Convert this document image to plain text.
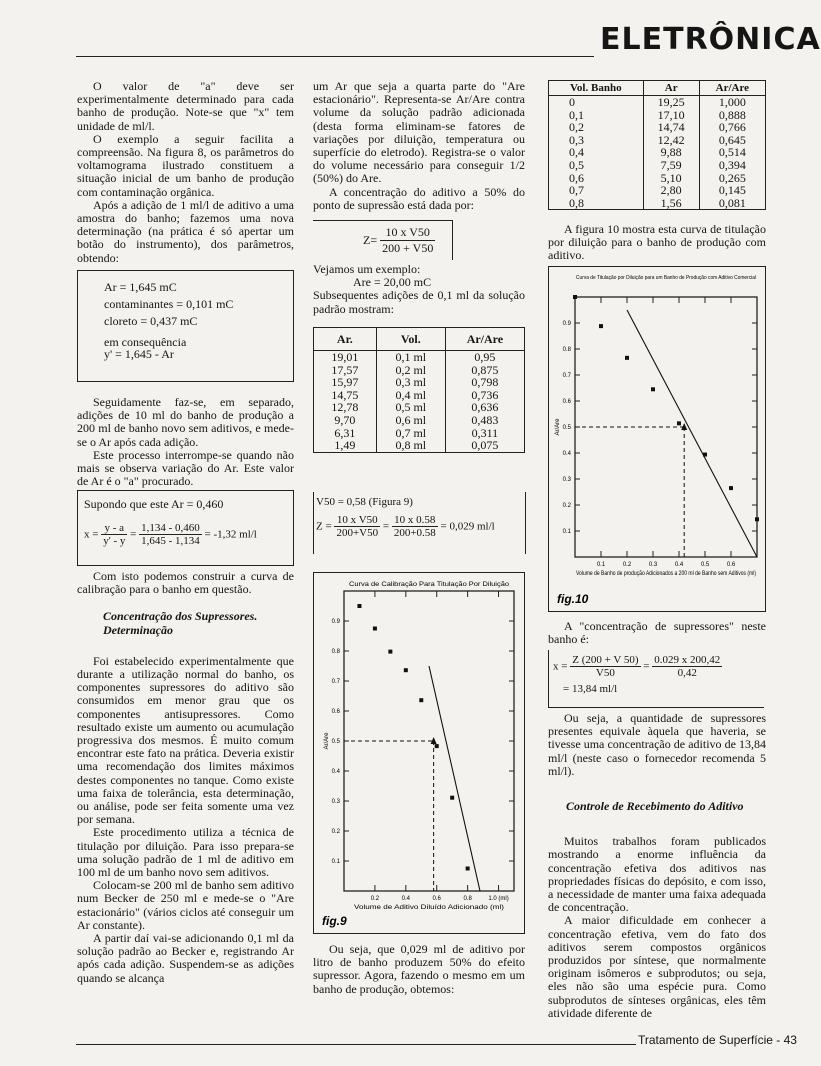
ELETRÔNICA

O valor de "a" deve ser experimentalmente determinado para cada banho de produção. Note-se que "x" tem unidade de ml/l.

O exemplo a seguir facilita a compreensão. Na figura 8, os parâmetros do voltamograma ilustrado constituem a situação inicial de um banho de produção com contaminação orgânica.

Após a adição de 1 ml/l de aditivo a uma amostra do banho; fazemos uma nova determinação (na prática é só apertar um botão do instrumento), dos parâmetros, obtendo:

Ar = 1,645 mC
contaminantes = 0,101 mC
cloreto = 0,437 mC
em consequência
y' = 1,645 - Ar

Seguidamente faz-se, em separado, adições de 10 ml do banho de produção a 200 ml de banho novo sem aditivos, e mede-se o Ar após cada adição.

Este processo interrompe-se quando não mais se observa variação do Ar. Este valor de Ar é o "a" procurado.

Supondo que este Ar = 0,460
$x = \frac{y - a}{y' - y} = \frac{1,134 - 0,460}{1,645 - 1,134} = -1,32$ ml/l

Com isto podemos construir a curva de calibração para o banho em questão.

Concentração dos Supressores.
Determinação

Foi estabelecido experimentalmente que durante a utilização normal do banho, os componentes supressores do aditivo são consumidos em menor grau que os componentes antisupressores. Como resultado existe um aumento ou acumulação progressiva dos mesmos. É muito comum encontrar este fato na prática. Deveria existir uma recomendação dos limites máximos destes componentes no tanque. Como existe uma faixa de tolerância, esta determinação, ou análise, pode ser feita somente uma vez por semana.

Este procedimento utiliza a técnica de titulação por diluição. Para isso prepara-se uma solução padrão de 1 ml de aditivo em 100 ml de um banho novo sem aditivos.

Colocam-se 200 ml de banho sem aditivo num Becker de 250 ml e mede-se o "Are estacionário" (vários ciclos até conseguir um Ar constante).

A partir daí vai-se adicionando 0,1 ml da solução padrão ao Becker e, registrando Ar após cada adição. Suspendem-se as adições quando se alcança

um Ar que seja a quarta parte do "Are estacionário". Representa-se Ar/Are contra volume da solução padrão adicionada (desta forma eliminam-se fatores de variações por diluição, temperatura ou superfície do eletrodo). Registra-se o valor do volume necessário para conseguir 1/2 (50%) do Are.

A concentração do aditivo a 50% do ponto de supressão está dada por:

$Z= \frac{\text{10 x V50}}{200 + V50}$

Vejamos um exemplo:

Are = 20,00 mC

Subsequentes adições de 0,1 ml da solução padrão mostram:

Ar.	Vol.	Ar/Are
19,01	0,1 ml	0,95
17,57	0,2 ml	0,875
15,97	0,3 ml	0,798
14,75	0,4 ml	0,736
12,78	0,5 ml	0,636
9,70	0,6 ml	0,483
6,31	0,7 ml	0,311
1,49	0,8 ml	0,075
V50 = 0,58 (Figura 9)
$Z = \frac{\text{10 x V50}}{200+V50} = \frac{10 x 0.58}{200+0.58} = 0,029$ ml/l
Curva de Calibração Para Titulação Por Diluição
0.9
0.8
0.7
0.6
0.5
0.4
0.3
0.2
0.1
0.2	0.4	0.6	0.8	1.0 (ml)
Volume de Aditivo Diluído Adicionado (ml)
Ar/Are
fig.9

Ou seja, que 0,029 ml de aditivo por litro de banho produzem 50% do efeito supressor. Agora, fazendo o mesmo em um banho de produção, obtemos:

Vol. Banho	Ar	Ar/Are
0	19,25	1,000
0,1	17,10	0,888
0,2	14,74	0,766
0,3	12,42	0,645
0,4	9,88	0,514
0,5	7,59	0,394
0,6	5,10	0,265
0,7	2,80	0,145
0,8	1,56	0,081

A figura 10 mostra esta curva de titulação por diluição para o banho de produção com aditivo.

Curva de Titulação por Diluição para um Banho de Produção com Aditivo Comercial
0.9
0.8
0.7
0.6
0.5
0.4
0.3
0.2
0.1
0.1	0.2	0.3	0.4	0.5	0.6
Volume de Banho de produção Adicionados a 200 ml de Banho sem Aditivos (ml)
Ar/Are
fig.10

A "concentração de supressores" neste banho é:

$x = \frac{Z (200 + V 50)}{V50} = \frac{0.029 x 200,42}{0,42}$
= 13,84 ml/l

Ou seja, a quantidade de supressores presentes equivale àquela que haveria, se tivesse uma concentração de aditivo de 13,84 ml/l (neste caso o fornecedor recomenda 5 ml/l).

Controle de Recebimento do Aditivo

Muitos trabalhos foram publicados mostrando a enorme influência da concentração efetiva dos aditivos nas propriedades físicas do depósito, e com isso, a necessidade de manter uma faixa adequada de concentração.

A maior dificuldade em conhecer a concentração efetiva, vem do fato dos aditivos serem compostos orgânicos produzidos por síntese, que normalmente originam isômeros e subprodutos; ou seja, eles não são uma espécie pura. Como subprodutos de sínteses orgânicas, eles têm atividade diferente de

Tratamento de Superfície - 43
